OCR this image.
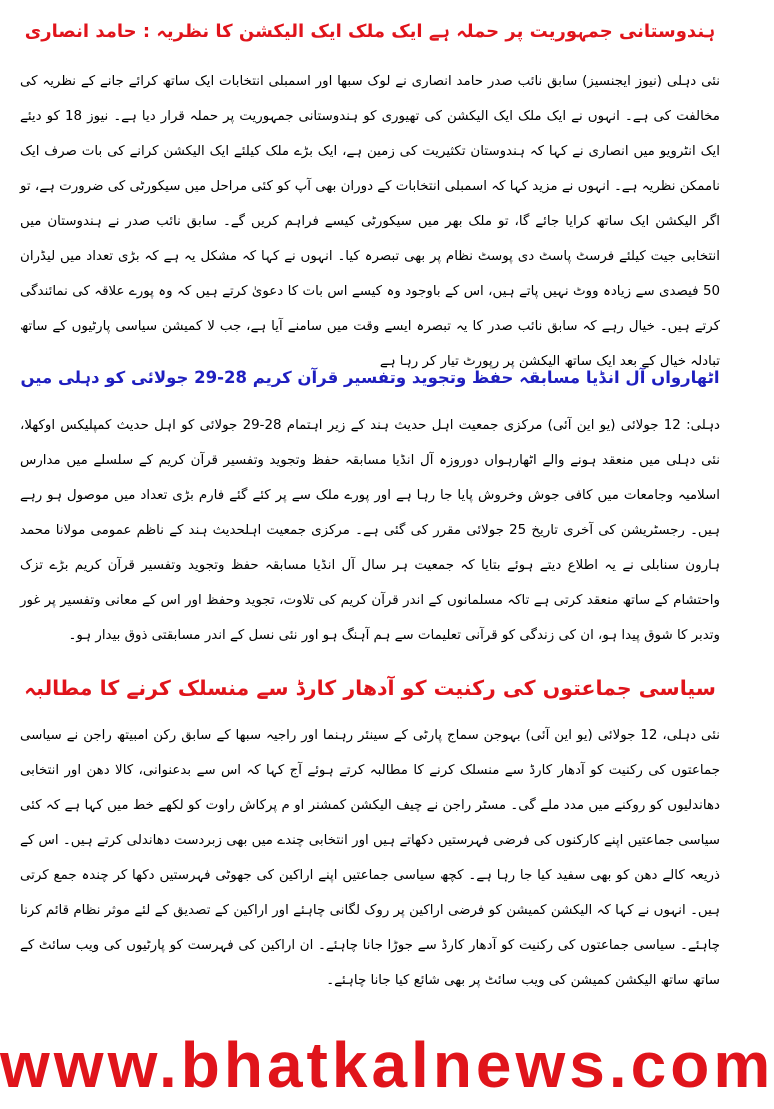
ہندوستانی جمہوریت پر حملہ ہے ایک ملک ایک الیکشن کا نظریہ : حامد انصاری

نئی دہلی (نیوز ایجنسیز) سابق نائب صدر حامد انصاری نے لوک سبھا اور اسمبلی انتخابات ایک ساتھ کرائے جانے کے نظریہ کی مخالفت کی ہے۔ انہوں نے ایک ملک ایک الیکشن کی تھیوری کو ہندوستانی جمہوریت پر حملہ قرار دیا ہے۔ نیوز 18 کو دیئے ایک انٹرویو میں انصاری نے کہا کہ ہندوستان تکثیریت کی زمین ہے، ایک بڑے ملک کیلئے ایک الیکشن کرانے کی بات صرف ایک ناممکن نظریہ ہے۔ انہوں نے مزید کہا کہ اسمبلی انتخابات کے دوران بھی آپ کو کئی مراحل میں سیکورٹی کی ضرورت ہے، تو اگر الیکشن ایک ساتھ کرایا جائے گا، تو ملک بھر میں سیکورٹی کیسے فراہم کریں گے۔ سابق نائب صدر نے ہندوستان میں انتخابی جیت کیلئے فرسٹ پاسٹ دی پوسٹ نظام پر بھی تبصرہ کیا۔ انہوں نے کہا کہ مشکل یہ ہے کہ بڑی تعداد میں لیڈران 50 فیصدی سے زیادہ ووٹ نہیں پاتے ہیں، اس کے باوجود وہ کیسے اس بات کا دعویٰ کرتے ہیں کہ وہ پورے علاقہ کی نمائندگی کرتے ہیں۔ خیال رہے کہ سابق نائب صدر کا یہ تبصرہ ایسے وقت میں سامنے آیا ہے، جب لا کمیشن سیاسی پارٹیوں کے ساتھ تبادلہ خیال کے بعد ایک ساتھ الیکشن پر رپورٹ تیار کر رہا ہے

اٹھارواں آل انڈیا مسابقہ حفظ وتجوید وتفسیر قرآن کریم 28-29 جولائی کو دہلی میں

دہلی: 12 جولائی (یو این آئی) مرکزی جمعیت اہل حدیث ہند کے زیر اہتمام 28-29 جولائی کو اہل حدیث کمپلیکس اوکھلا، نئی دہلی میں منعقد ہونے والے اٹھارہواں دوروزہ آل انڈیا مسابقہ حفظ وتجوید وتفسیر قرآن کریم کے سلسلے میں مدارس اسلامیہ وجامعات میں کافی جوش وخروش پایا جا رہا ہے اور پورے ملک سے پر کئے گئے فارم بڑی تعداد میں موصول ہو رہے ہیں۔ رجسٹریشن کی آخری تاریخ 25 جولائی مقرر کی گئی ہے۔ مرکزی جمعیت اہلحدیث ہند کے ناظم عمومی مولانا محمد ہارون سنابلی نے یہ اطلاع دیتے ہوئے بتایا کہ جمعیت ہر سال آل انڈیا مسابقہ حفظ وتجوید وتفسیر قرآن کریم بڑے تزک واحتشام کے ساتھ منعقد کرتی ہے تاکہ مسلمانوں کے اندر قرآن کریم کی تلاوت، تجوید وحفظ اور اس کے معانی وتفسیر پر غور وتدبر کا شوق پیدا ہو، ان کی زندگی کو قرآنی تعلیمات سے ہم آہنگ ہو اور نئی نسل کے اندر مسابقتی ذوق بیدار ہو۔

سیاسی جماعتوں کی رکنیت کو آدھار کارڈ سے منسلک کرنے کا مطالبہ

نئی دہلی، 12 جولائی (یو این آئی) بہوجن سماج پارٹی کے سینئر رہنما اور راجیہ سبھا کے سابق رکن امبیتھ راجن نے سیاسی جماعتوں کی رکنیت کو آدھار کارڈ سے منسلک کرنے کا مطالبہ کرتے ہوئے آج کہا کہ اس سے بدعنوانی، کالا دھن اور انتخابی دھاندلیوں کو روکنے میں مدد ملے گی۔ مسٹر راجن نے چیف الیکشن کمشنر او م پرکاش راوت کو لکھے خط میں کہا ہے کہ کئی سیاسی جماعتیں اپنے کارکنوں کی فرضی فہرستیں دکھاتے ہیں اور انتخابی چندے میں بھی زبردست دھاندلی کرتے ہیں۔ اس کے ذریعہ کالے دھن کو بھی سفید کیا جا رہا ہے۔ کچھ سیاسی جماعتیں اپنے اراکین کی جھوٹی فہرستیں دکھا کر چندہ جمع کرتی ہیں۔ انہوں نے کہا کہ الیکشن کمیشن کو فرضی اراکین پر روک لگانی چاہئے اور اراکین کے تصدیق کے لئے موثر نظام قائم کرنا چاہئے۔ سیاسی جماعتوں کی رکنیت کو آدھار کارڈ سے جوڑا جانا چاہئے۔ ان اراکین کی فہرست کو پارٹیوں کی ویب سائٹ کے ساتھ ساتھ الیکشن کمیشن کی ویب سائٹ پر بھی شائع کیا جانا چاہئے۔

www.bhatkalnews.com
